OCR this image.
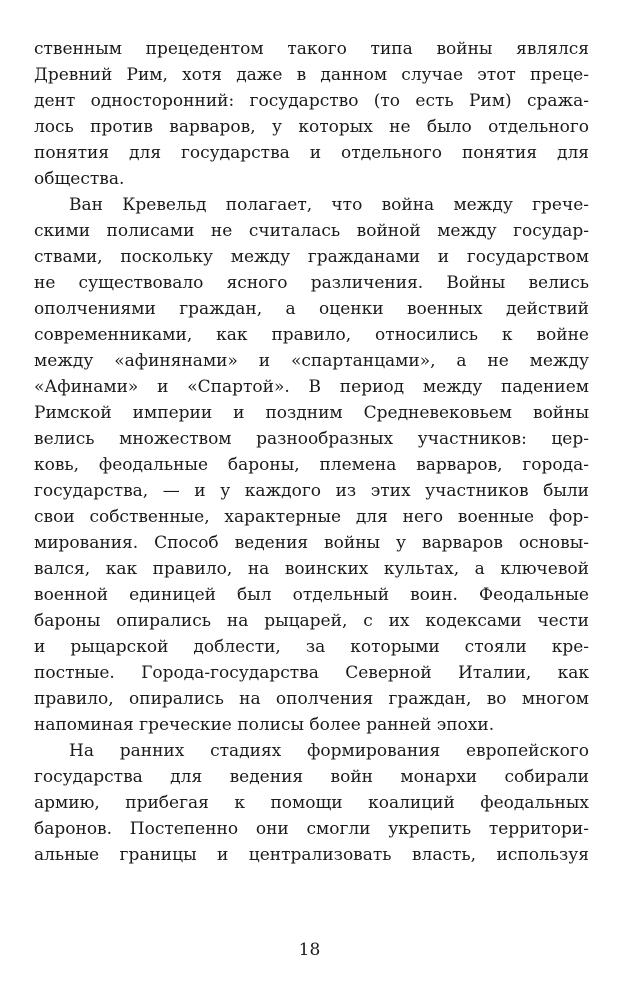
ственным прецедентом такого типа войны являлся
Древний Рим, хотя даже в данном случае этот преце-
дент односторонний: государство (то есть Рим) сража-
лось против варваров, у которых не было отдельного
понятия для государства и отдельного понятия для
общества.
Ван Кревельд полагает, что война между грече-
скими полисами не считалась войной между государ-
ствами, поскольку между гражданами и государством
не существовало ясного различения. Войны велись
ополчениями граждан, а оценки военных действий
современниками, как правило, относились к войне
между «афинянами» и «спартанцами», а не между
«Афинами» и «Спартой». В период между падением
Римской империи и поздним Средневековьем войны
велись множеством разнообразных участников: цер-
ковь, феодальные бароны, племена варваров, города-
государства, — и у каждого из этих участников были
свои собственные, характерные для него военные фор-
мирования. Способ ведения войны у варваров основы-
вался, как правило, на воинских культах, а ключевой
военной единицей был отдельный воин. Феодальные
бароны опирались на рыцарей, с их кодексами чести
и рыцарской доблести, за которыми стояли кре-
постные. Города-государства Северной Италии, как
правило, опирались на ополчения граждан, во многом
напоминая греческие полисы более ранней эпохи.
На ранних стадиях формирования европейского
государства для ведения войн монархи собирали
армию, прибегая к помощи коалиций феодальных
баронов. Постепенно они смогли укрепить территори-
альные границы и централизовать власть, используя
18
